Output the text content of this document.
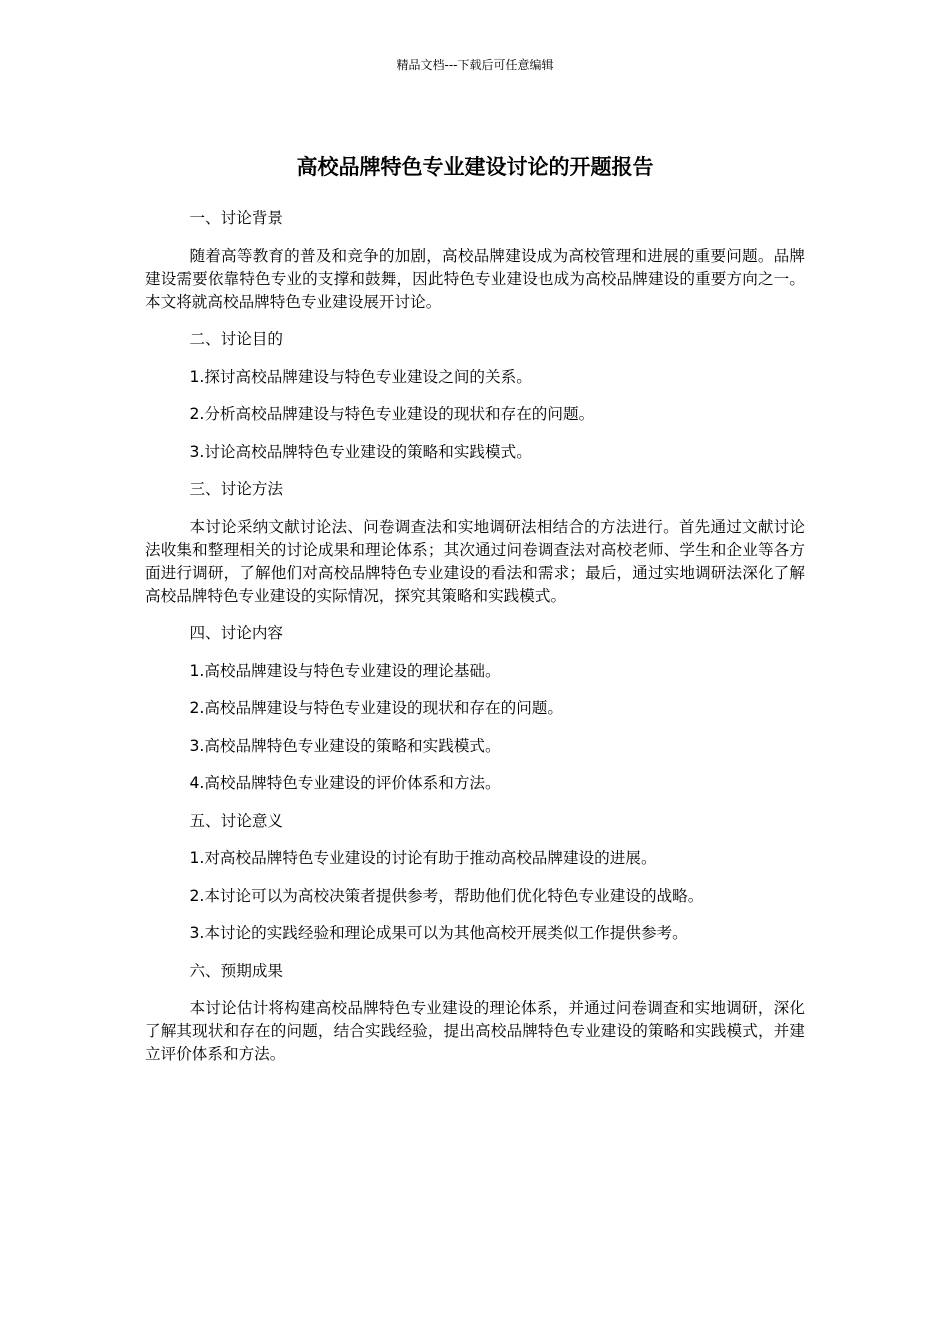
精品文档---下载后可任意编辑
高校品牌特色专业建设讨论的开题报告

一、讨论背景

随着高等教育的普及和竞争的加剧，高校品牌建设成为高校管理和进展的重要问题。品牌建设需要依靠特色专业的支撑和鼓舞，因此特色专业建设也成为高校品牌建设的重要方向之一。本文将就高校品牌特色专业建设展开讨论。

二、讨论目的

1.探讨高校品牌建设与特色专业建设之间的关系。

2.分析高校品牌建设与特色专业建设的现状和存在的问题。

3.讨论高校品牌特色专业建设的策略和实践模式。

三、讨论方法

本讨论采纳文献讨论法、问卷调查法和实地调研法相结合的方法进行。首先通过文献讨论法收集和整理相关的讨论成果和理论体系；其次通过问卷调查法对高校老师、学生和企业等各方面进行调研，了解他们对高校品牌特色专业建设的看法和需求；最后，通过实地调研法深化了解高校品牌特色专业建设的实际情况，探究其策略和实践模式。

四、讨论内容

1.高校品牌建设与特色专业建设的理论基础。

2.高校品牌建设与特色专业建设的现状和存在的问题。

3.高校品牌特色专业建设的策略和实践模式。

4.高校品牌特色专业建设的评价体系和方法。

五、讨论意义

1.对高校品牌特色专业建设的讨论有助于推动高校品牌建设的进展。

2.本讨论可以为高校决策者提供参考，帮助他们优化特色专业建设的战略。

3.本讨论的实践经验和理论成果可以为其他高校开展类似工作提供参考。

六、预期成果

本讨论估计将构建高校品牌特色专业建设的理论体系，并通过问卷调查和实地调研，深化了解其现状和存在的问题，结合实践经验，提出高校品牌特色专业建设的策略和实践模式，并建立评价体系和方法。
